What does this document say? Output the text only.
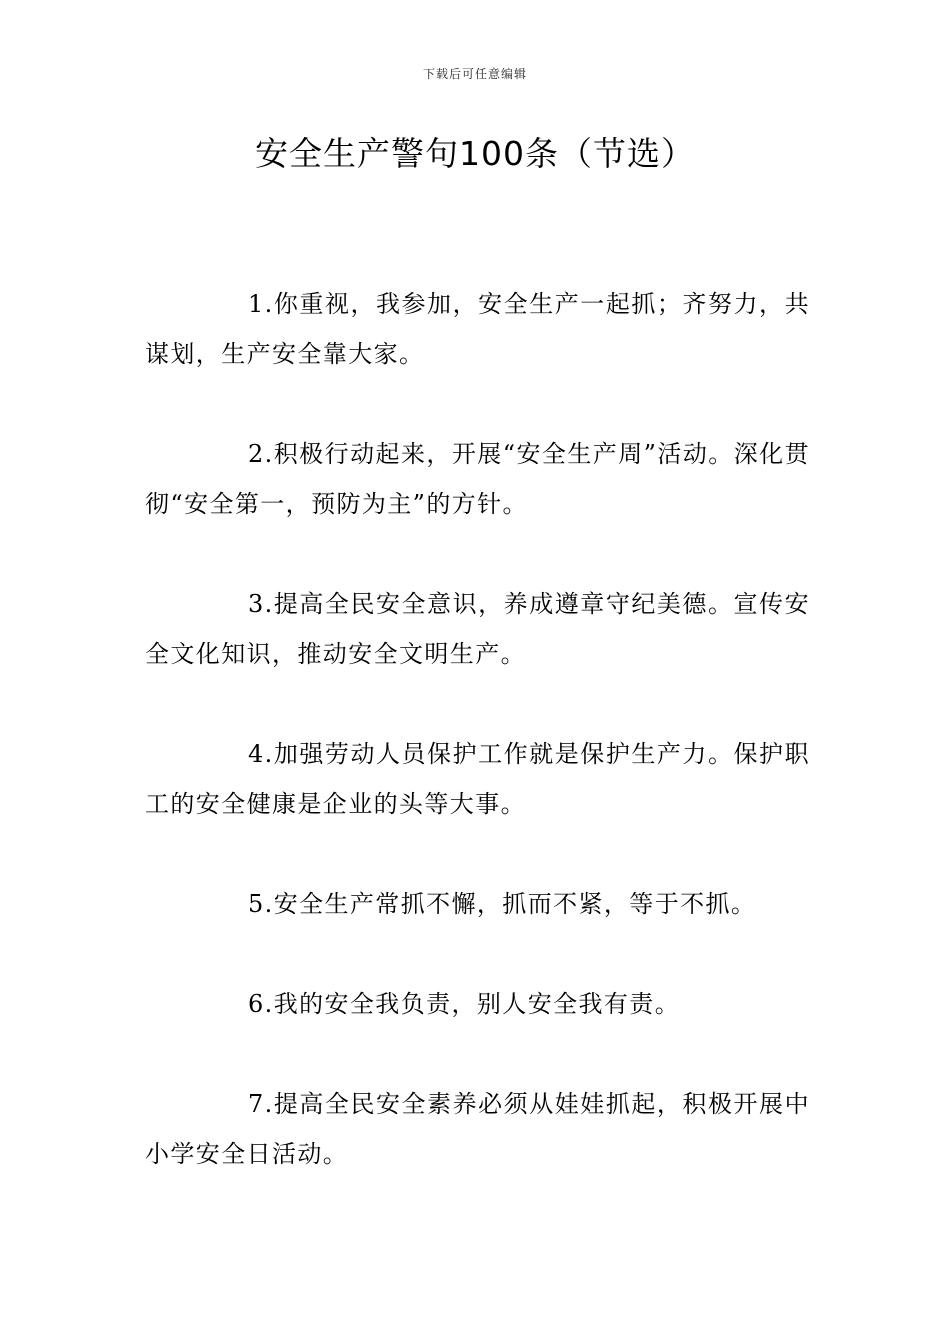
下载后可任意编辑
安全生产警句100条（节选）

1.你重视，我参加，安全生产一起抓；齐努力，共谋划，生产安全靠大家。

2.积极行动起来，开展“安全生产周”活动。深化贯彻“安全第一，预防为主”的方针。

3.提高全民安全意识，养成遵章守纪美德。宣传安全文化知识，推动安全文明生产。

4.加强劳动人员保护工作就是保护生产力。保护职工的安全健康是企业的头等大事。

5.安全生产常抓不懈，抓而不紧，等于不抓。

6.我的安全我负责，别人安全我有责。

7.提高全民安全素养必须从娃娃抓起，积极开展中小学安全日活动。
